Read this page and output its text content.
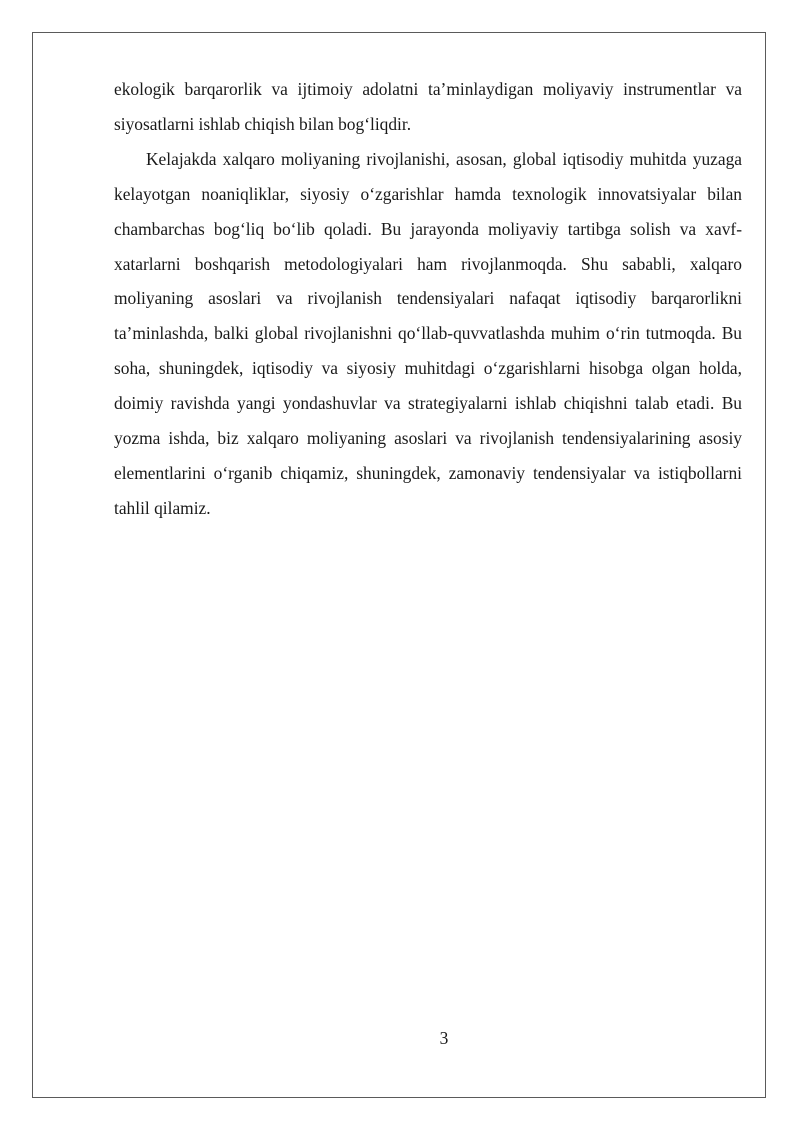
ekologik barqarorlik va ijtimoiy adolatni ta’minlaydigan moliyaviy instrumentlar va siyosatlarni ishlab chiqish bilan bog‘liqdir.

Kelajakda xalqaro moliyaning rivojlanishi, asosan, global iqtisodiy muhitda yuzaga kelayotgan noaniqliklar, siyosiy o‘zgarishlar hamda texnologik innovatsiyalar bilan chambarchas bog‘liq bo‘lib qoladi. Bu jarayonda moliyaviy tartibga solish va xavf-xatarlarni boshqarish metodologiyalari ham rivojlanmoqda. Shu sababli, xalqaro moliyaning asoslari va rivojlanish tendensiyalari nafaqat iqtisodiy barqarorlikni ta’minlashda, balki global rivojlanishni qo‘llab-quvvatlashda muhim o‘rin tutmoqda. Bu soha, shuningdek, iqtisodiy va siyosiy muhitdagi o‘zgarishlarni hisobga olgan holda, doimiy ravishda yangi yondashuvlar va strategiyalarni ishlab chiqishni talab etadi. Bu yozma ishda, biz xalqaro moliyaning asoslari va rivojlanish tendensiyalarining asosiy elementlarini o‘rganib chiqamiz, shuningdek, zamonaviy tendensiyalar va istiqbollarni tahlil qilamiz.

3
